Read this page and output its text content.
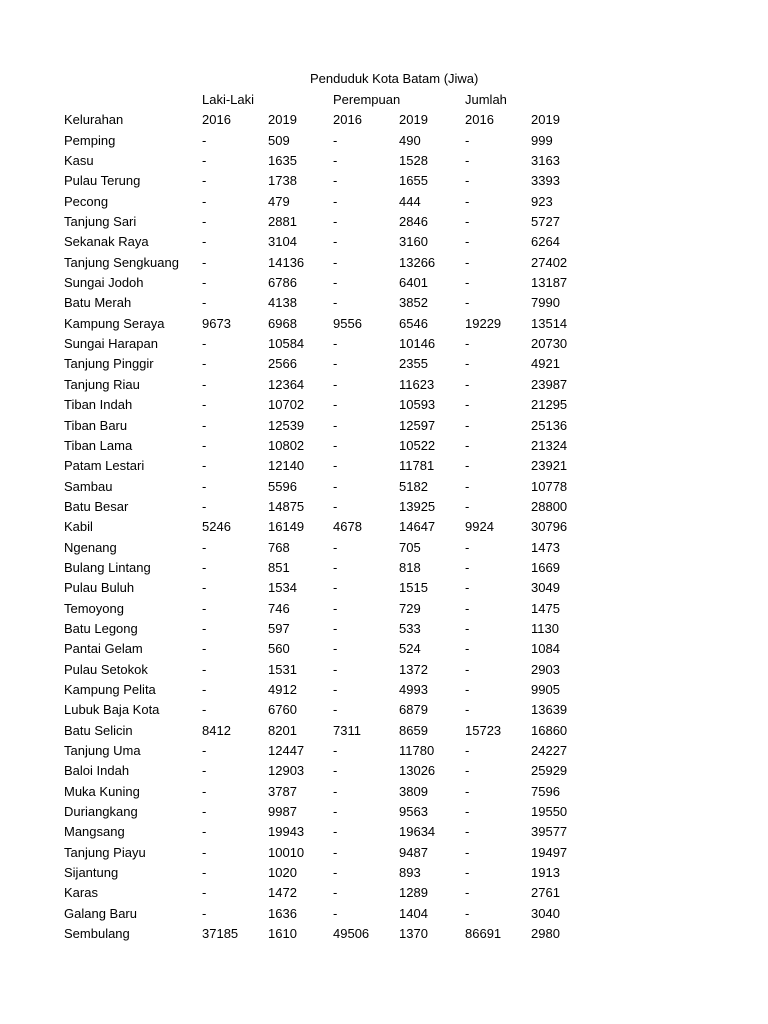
Penduduk Kota Batam (Jiwa)
Laki-Laki	Perempuan	Jumlah
Kelurahan	2016	2019	2016	2019	2016	2019
Pemping	-	509	-	490	-	999
Kasu	-	1635	-	1528	-	3163
Pulau Terung	-	1738	-	1655	-	3393
Pecong	-	479	-	444	-	923
Tanjung Sari	-	2881	-	2846	-	5727
Sekanak Raya	-	3104	-	3160	-	6264
Tanjung Sengkuang -	14136 -	13266 -	27402
Sungai Jodoh	-	6786	-	6401	-	13187
Batu Merah	-	4138	-	3852	-	7990
Kampung Seraya	9673	6968	9556	6546	19229 13514
Sungai Harapan	-	10584 -	10146 -	20730
Tanjung Pinggir	-	2566	-	2355	-	4921
Tanjung Riau	-	12364 -	11623 -	23987
Tiban Indah	-	10702 -	10593 -	21295
Tiban Baru	-	12539 -	12597 -	25136
Tiban Lama	-	10802 -	10522 -	21324
Patam Lestari	-	12140 -	11781 -	23921
Sambau	-	5596	-	5182	-	10778
Batu Besar	-	14875 -	13925 -	28800
Kabil	5246	16149 4678	14647 9924	30796
Ngenang	-	768	-	705	-	1473
Bulang Lintang	-	851	-	818	-	1669
Pulau Buluh	-	1534	-	1515	-	3049
Temoyong	-	746	-	729	-	1475
Batu Legong	-	597	-	533	-	1130
Pantai Gelam	-	560	-	524	-	1084
Pulau Setokok	-	1531	-	1372	-	2903
Kampung Pelita	-	4912	-	4993	-	9905
Lubuk Baja Kota	-	6760	-	6879	-	13639
Batu Selicin	8412	8201	7311	8659	15723 16860
Tanjung Uma	-	12447 -	11780 -	24227
Baloi Indah	-	12903 -	13026 -	25929
Muka Kuning	-	3787	-	3809	-	7596
Duriangkang	-	9987	-	9563	-	19550
Mangsang	-	19943 -	19634 -	39577
Tanjung Piayu	-	10010 -	9487	-	19497
Sijantung	-	1020	-	893	-	1913
Karas	-	1472	-	1289	-	2761
Galang Baru	-	1636	-	1404	-	3040
Sembulang	37185 1610	49506 1370	86691 2980
